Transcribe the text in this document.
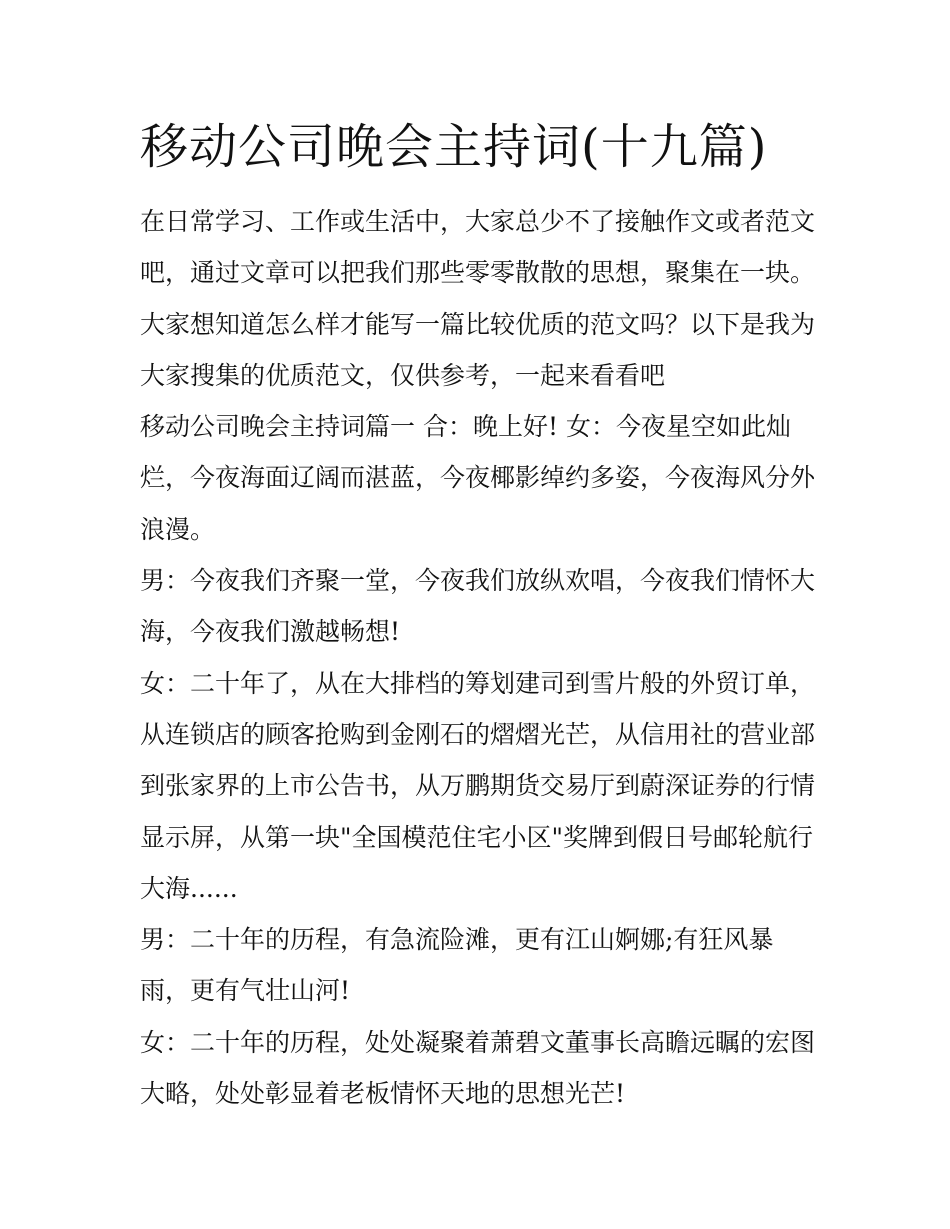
移动公司晚会主持词(十九篇)
在日常学习、工作或生活中，大家总少不了接触作文或者范文
吧，通过文章可以把我们那些零零散散的思想，聚集在一块。
大家想知道怎么样才能写一篇比较优质的范文吗？以下是我为
大家搜集的优质范文，仅供参考，一起来看看吧
移动公司晚会主持词篇一 合：晚上好! 女：今夜星空如此灿
烂，今夜海面辽阔而湛蓝，今夜椰影绰约多姿，今夜海风分外
浪漫。
男：今夜我们齐聚一堂，今夜我们放纵欢唱，今夜我们情怀大
海，今夜我们激越畅想!
女：二十年了，从在大排档的筹划建司到雪片般的外贸订单，
从连锁店的顾客抢购到金刚石的熠熠光芒，从信用社的营业部
到张家界的上市公告书，从万鹏期货交易厅到蔚深证券的行情
显示屏，从第一块"全国模范住宅小区"奖牌到假日号邮轮航行
大海......
男：二十年的历程，有急流险滩，更有江山婀娜;有狂风暴
雨，更有气壮山河!
女：二十年的历程，处处凝聚着萧碧文董事长高瞻远瞩的宏图
大略，处处彰显着老板情怀天地的思想光芒!
